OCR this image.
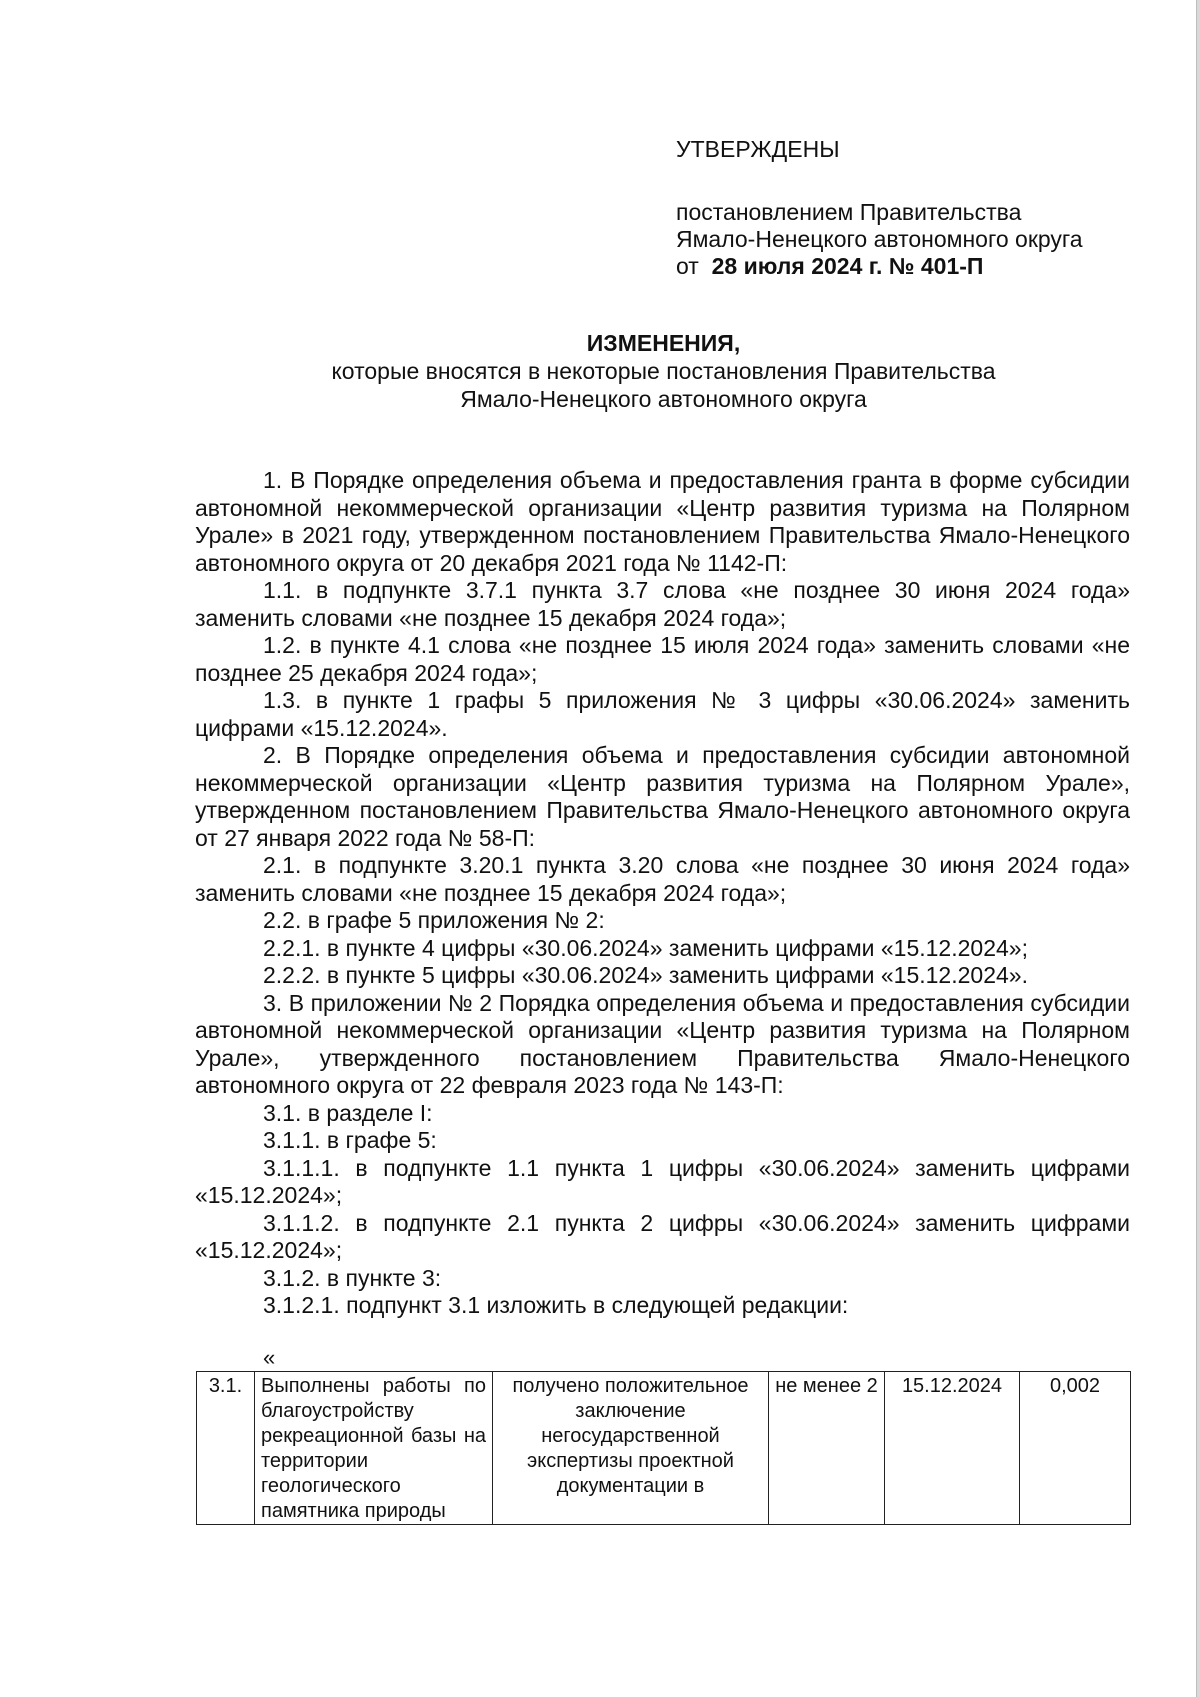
УТВЕРЖДЕНЫ
постановлением Правительства
Ямало-Ненецкого автономного округа
от 28 июля 2024 г. № 401-П
ИЗМЕНЕНИЯ,
которые вносятся в некоторые постановления Правительства
Ямало-Ненецкого автономного округа

1. В Порядке определения объема и предоставления гранта в форме субсидии автономной некоммерческой организации «Центр развития туризма на Полярном Урале» в 2021 году, утвержденном постановлением Правительства Ямало-Ненецкого автономного округа от 20 декабря 2021 года № 1142-П:

1.1. в подпункте 3.7.1 пункта 3.7 слова «не позднее 30 июня 2024 года» заменить словами «не позднее 15 декабря 2024 года»;

1.2. в пункте 4.1 слова «не позднее 15 июля 2024 года» заменить словами «не позднее 25 декабря 2024 года»;

1.3. в пункте 1 графы 5 приложения № 3 цифры «30.06.2024» заменить цифрами «15.12.2024».

2. В Порядке определения объема и предоставления субсидии автономной некоммерческой организации «Центр развития туризма на Полярном Урале», утвержденном постановлением Правительства Ямало-Ненецкого автономного округа от 27 января 2022 года № 58-П:

2.1. в подпункте 3.20.1 пункта 3.20 слова «не позднее 30 июня 2024 года» заменить словами «не позднее 15 декабря 2024 года»;

2.2. в графе 5 приложения № 2:

2.2.1. в пункте 4 цифры «30.06.2024» заменить цифрами «15.12.2024»;

2.2.2. в пункте 5 цифры «30.06.2024» заменить цифрами «15.12.2024».

3. В приложении № 2 Порядка определения объема и предоставления субсидии автономной некоммерческой организации «Центр развития туризма на Полярном Урале», утвержденного постановлением Правительства Ямало-Ненецкого автономного округа от 22 февраля 2023 года № 143-П:

3.1. в разделе I:

3.1.1. в графе 5:

3.1.1.1. в подпункте 1.1 пункта 1 цифры «30.06.2024» заменить цифрами «15.12.2024»;

3.1.1.2. в подпункте 2.1 пункта 2 цифры «30.06.2024» заменить цифрами «15.12.2024»;

3.1.2. в пункте 3:

3.1.2.1. подпункт 3.1 изложить в следующей редакции:

«
3.1.	Выполнены работы по благоустройству рекреационной базы на территории геологического памятника природы	получено положительное заключение негосударственной экспертизы проектной документации в	не менее 2	15.12.2024	0,002
